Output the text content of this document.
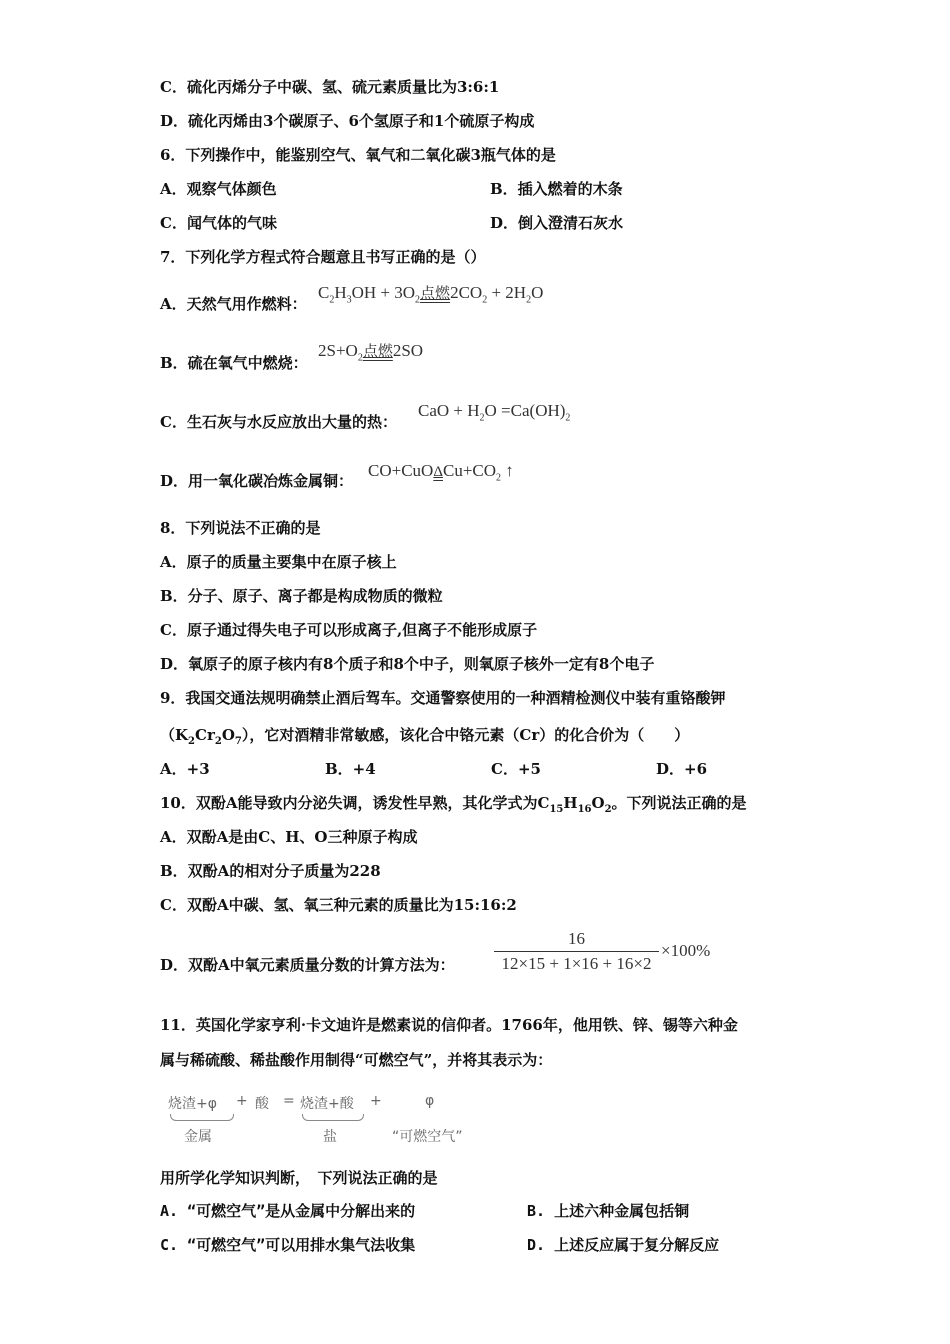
C．硫化丙烯分子中碳、氢、硫元素质量比为3:6:1
D．硫化丙烯由3个碳原子、6个氢原子和1个硫原子构成
6．下列操作中，能鉴别空气、氧气和二氧化碳3瓶气体的是
A．观察气体颜色	B．插入燃着的木条
C．闻气体的气味	D．倒入澄清石灰水
7．下列化学方程式符合题意且书写正确的是（）
A．天然气用作燃料：
$C_2H_3OH + 3O_2$点燃$2CO_2 + 2H_2O$
B．硫在氧气中燃烧：
$2S+O_2$点燃2SO
C．生石灰与水反应放出大量的热：
CaO + $H_2O =Ca(OH)_2$
D．用一氧化碳冶炼金属铜：
$CO+CuO\Delta Cu+CO_2$ ↑
8．下列说法不正确的是
A．原子的质量主要集中在原子核上
B．分子、原子、离子都是构成物质的微粒
C．原子通过得失电子可以形成离子,但离子不能形成原子
D．氧原子的原子核内有8个质子和8个中子，则氧原子核外一定有8个电子
9．我国交通法规明确禁止酒后驾车。交通警察使用的一种酒精检测仪中装有重铬酸钾
$(K_2Cr_2O_7)$，它对酒精非常敏感，该化合中铬元素（Cr）的化合价为（　　）
A．+3	B．+4	C．+5	D．+6
10．双酚A能导致内分泌失调，诱发性早熟，其化学式为$C_{15}H_{16}O_2$。下列说法正确的是
A．双酚A是由C、H、O三种原子构成
B．双酚A的相对分子质量为228
C．双酚A中碳、氢、氧三种元素的质量比为15:16:2
D．双酚A中氧元素质量分数的计算方法为： $\frac{16}{12\times 15 + 1\times 16 + 16\times 2} \times 100\%$
11．英国化学家亨利·卡文迪许是燃素说的信仰者。1766年，他用铁、锌、锡等六种金
属与稀硫酸、稀盐酸作用制得“可燃空气”，并将其表示为：
烧渣+φ + 酸 = 烧渣+酸 +	φ
金属	盐	“可燃空气”
用所学化学知识判断，　下列说法正确的是
A. “可燃空气”是从金属中分解出来的	B. 上述六种金属包括铜
C. “可燃空气”可以用排水集气法收集	D. 上述反应属于复分解反应
